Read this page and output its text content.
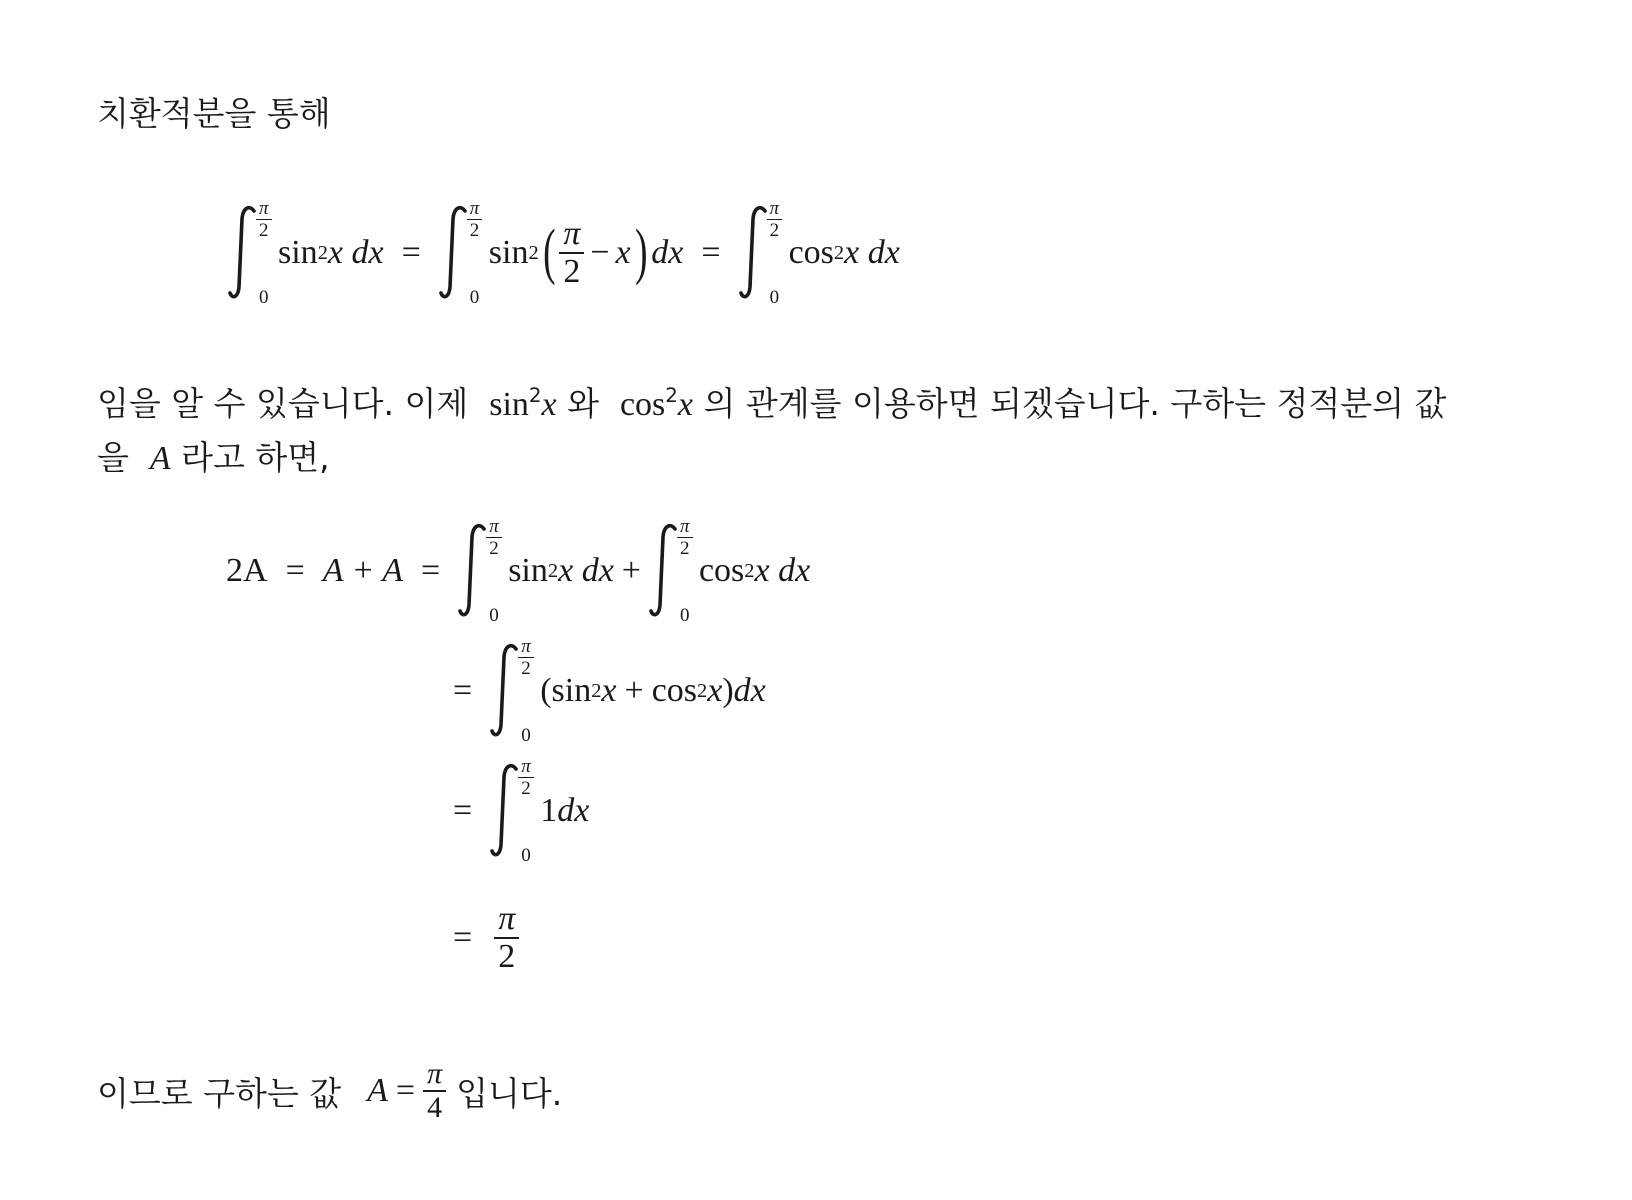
치환적분을 통해
$\frac{\pi}{2}$
0
sin 2 x
dx =
$\frac{\pi}{2}$
0
sin 2 ( $\frac{\pi}{2} - x$ ) dx =
$\frac{\pi}{2}$
0
cos 2 x
dx
임을 알 수 있습니다. 이제 $\sin^2x$ 와 $\cos^2x$ 의 관계를 이용하면 되겠습니다. 구하는 정적분의 값
을 A 라고 하면,
2A = A + A =
$\frac{\pi}{2}$
0
sin 2 x
dx +
$\frac{\pi}{2}$
0
cos 2 x
dx
=
$\frac{\pi}{2}$
0
( sin 2 x + cos 2 x ) dx
=
$\frac{\pi}{2}$
0
1 dx
= $\frac{\pi}{2}$
이므로 구하는 값 $A = \frac{\pi}{4}$ 입니다.
